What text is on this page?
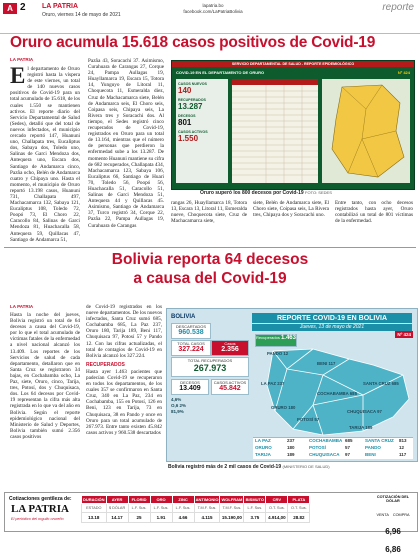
A 2 LA PATRIA
Oruro, viernes 14 de mayo de 2021
lapatria.bo
facebook.com/LaPatriaBolivia	reporte
Oruro acumula 15.618 casos positivos de Covid-19
LA PATRIA
El departamento de Oruro registró hasta la víspera de este viernes, un total de 140 nuevos casos positivos de Covid-19 para un total acumulado de 15.618, de los cuales 1.550 se mantienen activos. El reporte diario del Servicio Departamental de Salud (Sedes), detalló que del total de nuevos infectados, el municipio cercado reportó 147, Huanuni uno, Challapata tres, Eucaliptus dos, Sabaya dos, Toledo uno, Salinas de Garci Mendoza dos, Antequera uno, Escara dos, Santiago de Andamarca cinco, Pazña ocho, Belén de Andamarca cuatro y Chipaya uno. Hasta el momento, el municipio de Oruro reportó 13.198 casos, Huanuni 731, Challapata 497, Machacamarca 132, Sabaya 121, Eucaliptus 108, Toledo 72, Poopó 73, El Choro 22, Caracollo 84, Salinas de Garci Mendoza 81, Huachacalla 58, Antequera 59, Quillacas 47, Santiago de Andamarca 51,
Pazña 43, Soracachi 37. Asimismo, Curahuara de Carangas 27, Corque 24, Pampa Aullagas 19, Huayllamarca 19, Escara 15, Totora 14, Yunguyo de Litoral 11, Choquecota 11, Esmeralda diez, Cruz de Machacamarca siete, Belén de Andamarca seis, El Choro seis, Coipasa seis, Chipaya seis, La Rivera tres y Soracachi dos. Al tiempo, el Sedes registró cinco recuperados de Covid-19, registrados en Oruro para un total de 13.164, mientras que el número de personas que perdieron la enfermedad sube a los 13.287. De momento Huanuni mantiene su cifra de 682 recuperados, Challapata 434, Machacamarca 123, Sabaya 106, Eucaliptus 66, Santiago de Huari 70, Toledo 56, Poopó 56, Huachacalla 51, Caracollo 51, Salinas de Garci Mendoza 51, Antequera 44 y Quillacas 45. Asimismo, Santiago de Andamarca 37, Turco registró 34, Corque 22, Pazña 22, Pampa Aullagas 19, Curahuara de Carangas
SERVICIO DEPARTAMENTAL DE SALUD - REPORTE EPIDEMIOLÓGICO
COVID-19 EN EL DEPARTAMENTO DE ORURO	Nº 424
CASOS NUEVOS
140
RECUPERADOS
13.287
DECESOS
801
CASOS ACTIVOS
1.550
Oruro superó los 800 decesos por Covid-19 FOTO: SEDES
rangas 26, Huayllamarca 18, Totora 13, Escara 13, Litoral 11, Esmeralda nueve, Choquecota siete, Cruz de Machacamarca siete,
siete, Belén de Andamarca siete, El Choro siete, Coipasa seis, La Rivera tres, Chipaya dos y Soracachi uno.
Entre tanto, con ocho decesos registrados hasta ayer, Oruro contabilizó un total de 801 víctimas de la enfermedad.
Bolivia reporta 64 decesos
a causa del Covid-19
LA PATRIA
Hasta la noche del jueves, Bolivia registró un total de 64 decesos a causa del Covid-19, por lo que el total acumulado de víctimas fatales de la enfermedad a nivel nacional alcanzó los 13.409. Los reportes de los Servicios de salud de cada departamento, detallaron que en Santa Cruz se registraron 34 bajas, en Cochabamba ocho, La Paz, siete, Oruro, cinco, Tarija, tres, Potosí, dos y Chuquisaca, dos. Los 64 decesos por Covid-19 representan la cifra más alta registrada en lo que va del año en Bolivia. Según el reporte epidemiológico nacional del Ministerio de Salud y Deportes, Bolivia también sumó 2.356 casos positivos
de Covid-19 registrados en los nueve departamentos. De los nuevos infectados, Santa Cruz sumó 685, Cochabamba 685, La Paz 237, Oruro 180, Tarija 189, Beni 117, Chuquisaca 97, Potosí 57 y Pando 12. Con las cifras actualizadas, el total de contagios de Covid-19 en Bolivia alcanzó los 327.224.
RECUPERADOS
Hasta ayer 1.463 pacientes que padecían Covid-19 se recuperaron en todos los departamentos, de los cuales 357 se confirmaron en Santa Cruz, 340 en La Paz, 234 en Cochabamba, 155 en Potosí, 126 en Beni, 123 en Tarija, 73 en Chuquisaca, 38 en Pando y once en Oruro para un total acumulado de 267.973. Entre tanto existen 45.842 casos activos y 960.538 descartados
BOLIVIA	REPORTE COVID-19 EN BOLIVIA
Jueves, 13 de mayo de 2021
Nº 424
DESCARTADOS
960.538
TOTAL CASOS
327.224
Casos
2.356
TOTAL RECUPERADOS
267.973
DECESOS
13.409
CASOS ACTIVOS
45.842
4,6%
O,6 2%
81,9%
Recuperados 1.463
PANDO 12
BENI 117
LA PAZ 237
COCHABAMBA 685
SANTA CRUZ 685
ORURO 180
CHUQUISACA 97
POTOSÍ 57
TARIJA 189
LA PAZ	237	COCHABAMBA 685	SANTA CRUZ 813
ORURO	180	POTOSÍ	57	PANDO	12
TARIJA	189	CHUQUISACA 97	BENI	117
Bolivia registró más de 2 mil casos de Covid-19 (MINISTERIO DE SALUD)
Cotizaciones gentileza de:
LA PATRIA
El periódico del orgullo orureño
DURACIÓN	AYER	FLORID	ORO	ZINC	ANTIMONIO	WOLFRAM	BISMUTO	CRV	PLATA
ESTADO	$ DÓLAR	L.F. Sus.	L.F. Sus.	L.F. Sus.	T.M.F. Sus.	T.M.F. Sus.	L.F. Sus.	O.T. Sus.	O.T. Sus.
13.18	14.17	25	1.91	4.66	4.115	15.190,00	3.75	4.914,00	28.82
COTIZACIÓN DEL DÓLAR
VENTA COMPRA
6,96 6,86
